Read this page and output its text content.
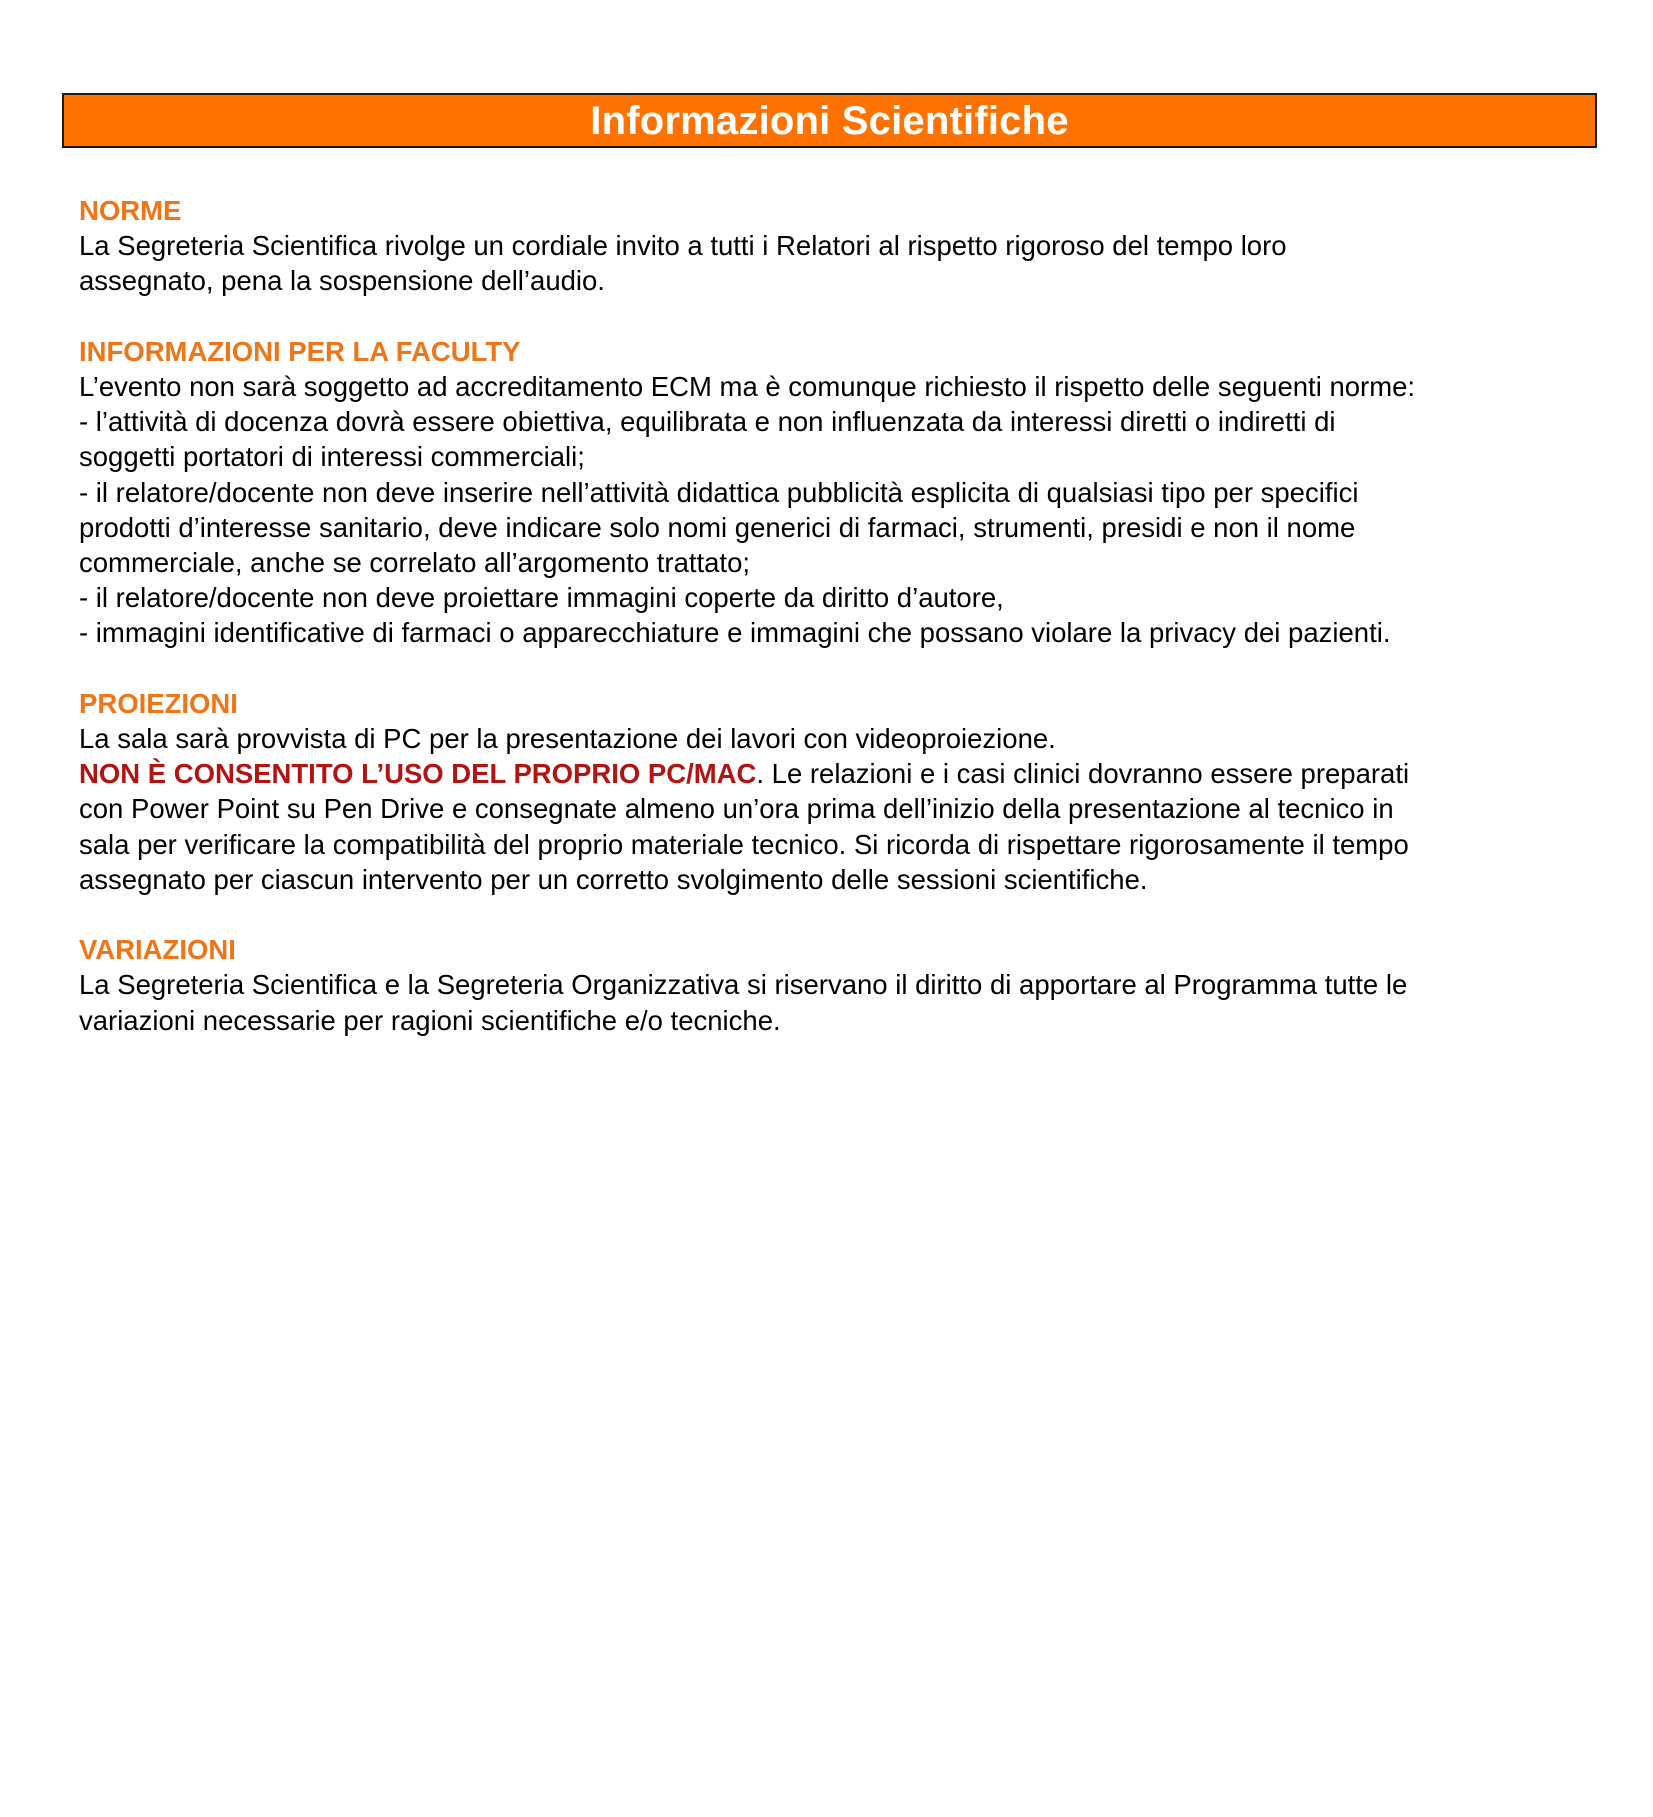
Informazioni Scientifiche

NORME

La Segreteria Scientifica rivolge un cordiale invito a tutti i Relatori al rispetto rigoroso del tempo loro

assegnato, pena la sospensione dell’audio.

INFORMAZIONI PER LA FACULTY

L’evento non sarà soggetto ad accreditamento ECM ma è comunque richiesto il rispetto delle seguenti norme:

- l’attività di docenza dovrà essere obiettiva, equilibrata e non influenzata da interessi diretti o indiretti di

soggetti portatori di interessi commerciali;

- il relatore/docente non deve inserire nell’attività didattica pubblicità esplicita di qualsiasi tipo per specifici

prodotti d’interesse sanitario, deve indicare solo nomi generici di farmaci, strumenti, presidi e non il nome

commerciale, anche se correlato all’argomento trattato;

- il relatore/docente non deve proiettare immagini coperte da diritto d’autore,

- immagini identificative di farmaci o apparecchiature e immagini che possano violare la privacy dei pazienti.

PROIEZIONI

La sala sarà provvista di PC per la presentazione dei lavori con videoproiezione.

NON È CONSENTITO L’USO DEL PROPRIO PC/MAC. Le relazioni e i casi clinici dovranno essere preparati

con Power Point su Pen Drive e consegnate almeno un’ora prima dell’inizio della presentazione al tecnico in

sala per verificare la compatibilità del proprio materiale tecnico. Si ricorda di rispettare rigorosamente il tempo

assegnato per ciascun intervento per un corretto svolgimento delle sessioni scientifiche.

VARIAZIONI

La Segreteria Scientifica e la Segreteria Organizzativa si riservano il diritto di apportare al Programma tutte le

variazioni necessarie per ragioni scientifiche e/o tecniche.
